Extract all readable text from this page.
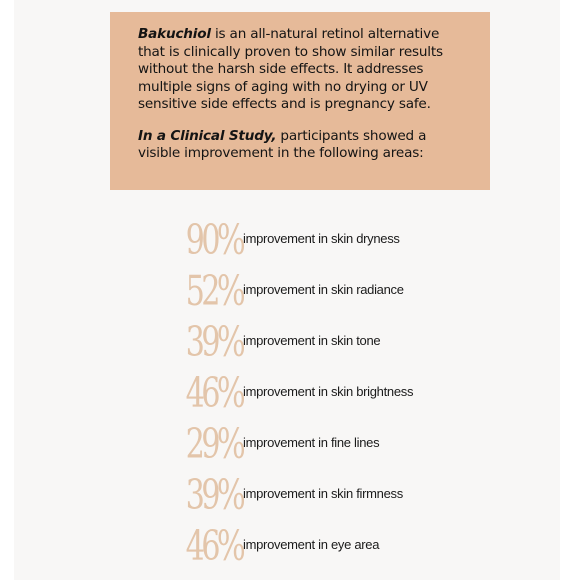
Bakuchiol is an all-natural retinol alternative that is clinically proven to show similar results without the harsh side effects. It addresses multiple signs of aging with no drying or UV sensitive side effects and is pregnancy safe.

In a Clinical Study, participants showed a visible improvement in the following areas:

90% improvement in skin dryness
52% improvement in skin radiance
39% improvement in skin tone
46% improvement in skin brightness
29% improvement in fine lines
39% improvement in skin firmness
46% improvement in eye area
